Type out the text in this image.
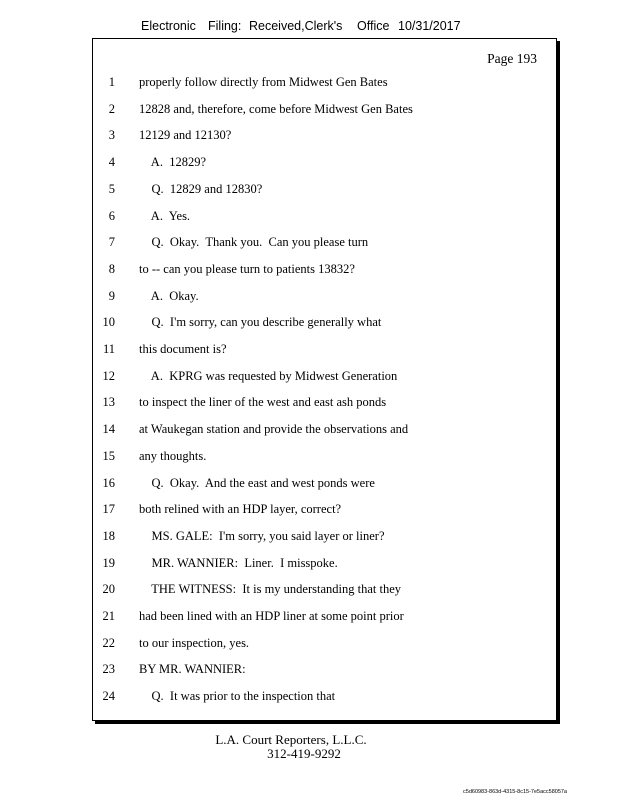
Electronic Filing: Received,Clerk's Office 10/31/2017
Page 193
1 properly follow directly from Midwest Gen Bates
2 12828 and, therefore, come before Midwest Gen Bates
3 12129 and 12130?
4 A.  12829?
5 Q.  12829 and 12830?
6 A.  Yes.
7 Q.  Okay.  Thank you.  Can you please turn
8 to -- can you please turn to patients 13832?
9 A.  Okay.
10 Q.  I'm sorry, can you describe generally what
11 this document is?
12 A.  KPRG was requested by Midwest Generation
13 to inspect the liner of the west and east ash ponds
14 at Waukegan station and provide the observations and
15 any thoughts.
16 Q.  Okay.  And the east and west ponds were
17 both relined with an HDP layer, correct?
18 MS. GALE:  I'm sorry, you said layer or liner?
19 MR. WANNIER:  Liner.  I misspoke.
20 THE WITNESS:  It is my understanding that they
21 had been lined with an HDP liner at some point prior
22 to our inspection, yes.
23 BY MR. WANNIER:
24 Q.  It was prior to the inspection that
L.A. Court Reporters, L.L.C.
312-419-9292
c5d60983-863d-4315-8c15-7e5acc58057a
